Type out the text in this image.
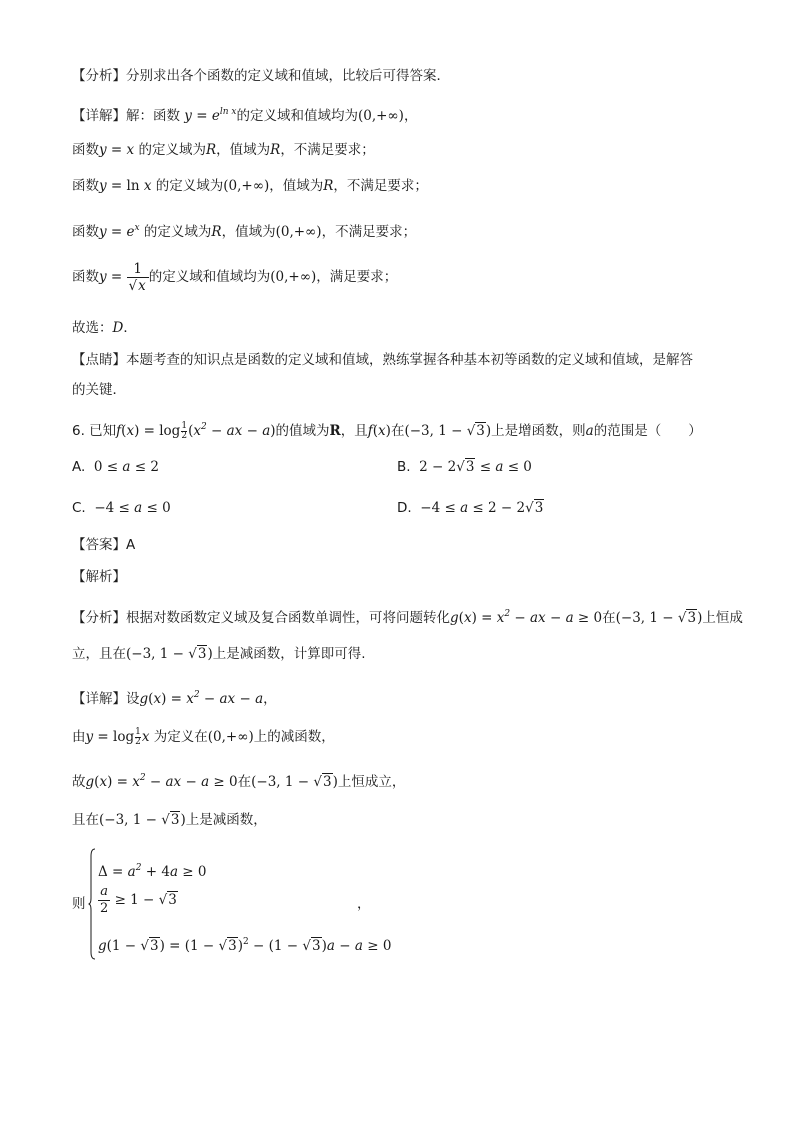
【分析】分别求出各个函数的定义域和值域，比较后可得答案．
【详解】解：函数 $y = e^{ln x}$的定义域和值域均为(0,+∞)，
函数y = x 的定义域为R，值域为R，不满足要求；
函数y = ln x 的定义域为(0,+∞)，值域为R，不满足要求；
函数$y = e^x$ 的定义域为R，值域为(0,+∞)，不满足要求；
函数$y = \frac{1}{√x}$ 的定义域和值域均为(0,+∞)，满足要求；
故选：D．
【点睛】本题考查的知识点是函数的定义域和值域，熟练掌握各种基本初等函数的定义域和值域，是解答
的关键．
6. 已知$f(x) = \log \frac{1}{2} (x^2$ − ax − a)的值域为R，且f(x)在(−3, 1 − √3)上是增函数，则a的范围是（　　）
A. 0 ≤ a ≤ 2	B. 2 − 2√3 ≤ a ≤ 0
C. −4 ≤ a ≤ 0	D. −4 ≤ a ≤ 2 − 2√3
【答案】A
【解析】
【分析】根据对数函数定义域及复合函数单调性，可将问题转化$g(x) = x^2$ − ax − a ≥ 0在(−3, 1 − √3)上恒成
立，且在(−3, 1 − √3)上是减函数，计算即可得.
【详解】设$g(x) = x^2$ − ax − a，
由$y = \log \frac{1}{2}$ x 为定义在(0,+∞)上的减函数，
故$g(x) = x^2$ − ax − a ≥ 0在(−3, 1 − √3)上恒成立，
且在(−3, 1 − √3)上是减函数，
则
$\Delta = a^2 + 4a \ge 0$
$\frac{a}{2} \ge 1 - √3$
$g(1 - √3) = (1 - √3)^2 - (1 - √3)a - a \ge 0$
，
